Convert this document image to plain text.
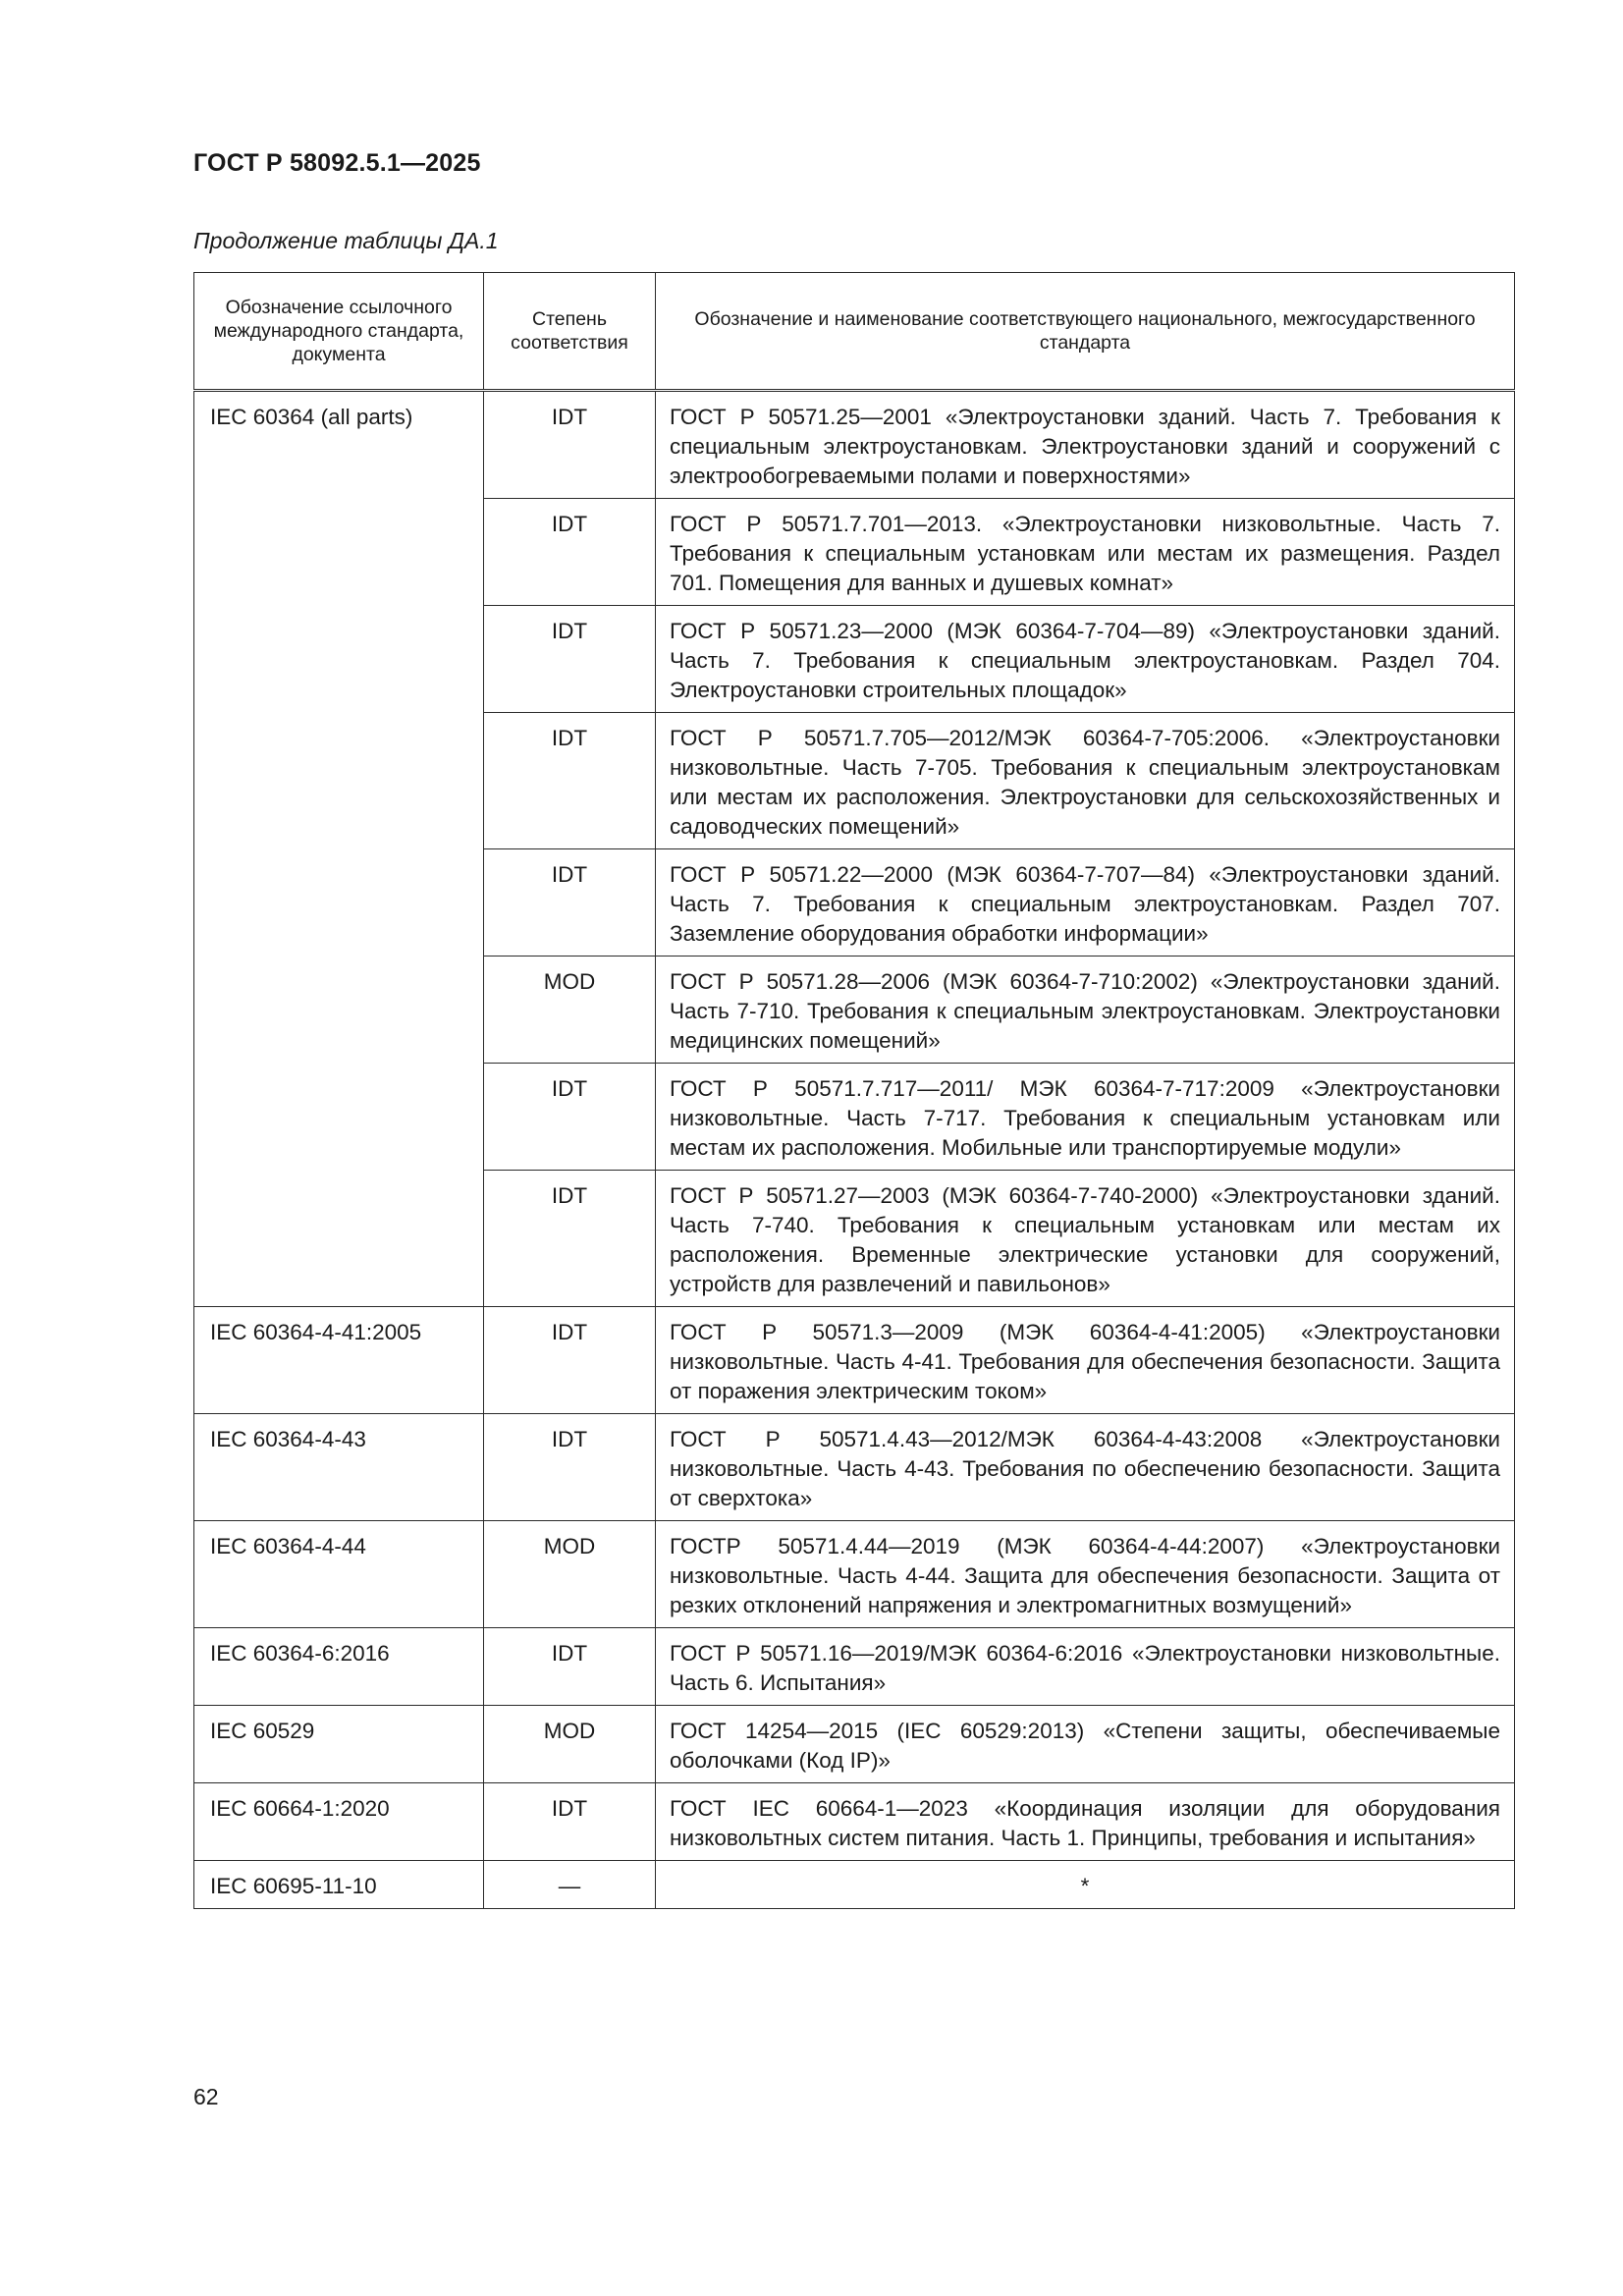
ГОСТ Р 58092.5.1—2025
Продолжение таблицы ДА.1
Обозначение ссылочного международного стандарта, документа	Степень соответствия	Обозначение и наименование соответствующего национального, межгосударственного стандарта
IEC 60364 (all parts)	IDT	ГОСТ Р 50571.25—2001 «Электроустановки зданий. Часть 7. Требования к специальным электроустановкам. Электроустановки зданий и сооружений с электрообогреваемыми полами и поверхностями»
	IDT	ГОСТ Р 50571.7.701—2013. «Электроустановки низковольтные. Часть 7. Требования к специальным установкам или местам их размещения. Раздел 701. Помещения для ванных и душевых комнат»
	IDT	ГОСТ Р 50571.23—2000 (МЭК 60364-7-704—89) «Электроустановки зданий. Часть 7. Требования к специальным электроустановкам. Раздел 704. Электроустановки строительных площадок»
	IDT	ГОСТ Р 50571.7.705—2012/МЭК 60364-7-705:2006. «Электроустановки низковольтные. Часть 7-705. Требования к специальным электроустановкам или местам их расположения. Электроустановки для сельскохозяйственных и садоводческих помещений»
	IDT	ГОСТ Р 50571.22—2000 (МЭК 60364-7-707—84) «Электроустановки зданий. Часть 7. Требования к специальным электроустановкам. Раздел 707. Заземление оборудования обработки информации»
	MOD	ГОСТ Р 50571.28—2006 (МЭК 60364-7-710:2002) «Электроустановки зданий. Часть 7-710. Требования к специальным электроустановкам. Электроустановки медицинских помещений»
	IDT	ГОСТ Р 50571.7.717—2011/ МЭК 60364-7-717:2009 «Электроустановки низковольтные. Часть 7-717. Требования к специальным установкам или местам их расположения. Мобильные или транспортируемые модули»
	IDT	ГОСТ Р 50571.27—2003 (МЭК 60364-7-740-2000) «Электроустановки зданий. Часть 7-740. Требования к специальным установкам или местам их расположения. Временные электрические установки для сооружений, устройств для развлечений и павильонов»
IEC 60364-4-41:2005	IDT	ГОСТ Р 50571.3—2009 (МЭК 60364-4-41:2005) «Электроустановки низковольтные. Часть 4-41. Требования для обеспечения безопасности. Защита от поражения электрическим током»
IEC 60364-4-43	IDT	ГОСТ Р 50571.4.43—2012/МЭК 60364-4-43:2008 «Электроустановки низковольтные. Часть 4-43. Требования по обеспечению безопасности. Защита от сверхтока»
IEC 60364-4-44	MOD	ГОСТР 50571.4.44—2019 (МЭК 60364-4-44:2007) «Электроустановки низковольтные. Часть 4-44. Защита для обеспечения безопасности. Защита от резких отклонений напряжения и электромагнитных возмущений»
IEC 60364-6:2016	IDT	ГОСТ Р 50571.16—2019/МЭК 60364-6:2016 «Электроустановки низковольтные. Часть 6. Испытания»
IEC 60529	MOD	ГОСТ 14254—2015 (IEC 60529:2013) «Степени защиты, обеспечиваемые оболочками (Код IP)»
IEC 60664-1:2020	IDT	ГОСТ IEC 60664-1—2023 «Координация изоляции для оборудования низковольтных систем питания. Часть 1. Принципы, требования и испытания»
IEC 60695-11-10	—	*
62
